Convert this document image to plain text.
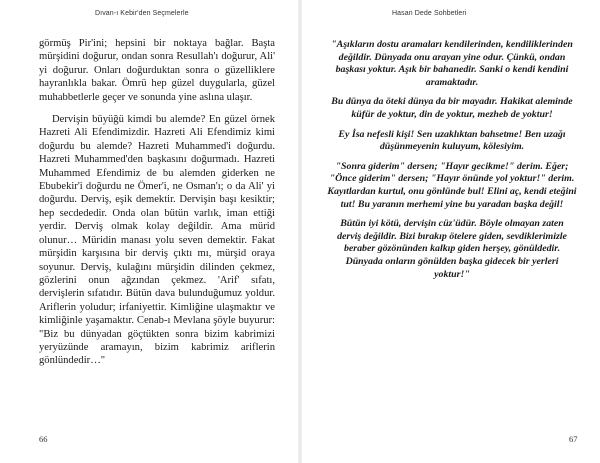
Dıvan-ı Kebir'den Seçmelerle

görmüş Pir'ini; hepsini bir noktaya bağlar. Başta mürşidini doğurur, ondan sonra Resullah'ı doğurur, Ali' yi doğurur. Onları doğurduktan sonra o güzelliklere hayranlıkla bakar. Ömrü hep güzel duygularla, güzel muhabbetlerle geçer ve sonunda yine aslına ulaşır.

Dervişin büyüğü kimdi bu alemde? En güzel örnek Hazreti Ali Efendimizdir. Hazreti Ali Efendimiz kimi doğurdu bu alemde? Hazreti Muhammed'i doğurdu. Hazreti Muhammed'den başkasını doğurmadı. Hazreti Muhammed Efendimiz de bu alemden giderken ne Ebubekir'i doğurdu ne Ömer'i, ne Osman'ı; o da Ali' yi doğurdu. Derviş, eşik demektir. Dervişin başı kesiktir; hep secdededir. Onda olan bütün varlık, iman ettiği yerdir. Derviş olmak kolay değildir. Ama mürid olunur… Müridin manası yolu seven demektir. Fakat mürşidin karşısına bir derviş çıktı mı, mürşid oraya soyunur. Derviş, kulağını mürşidin dilinden çekmez, gözlerini onun ağzından çekmez. 'Arif' sıfatı, dervişlerin sıfatıdır. Bütün dava bulunduğumuz yoldur. Ariflerin yoludur; irfaniyettir. Kimliğine ulaşmaktır ve kimliğinle yaşamaktır. Cenab-ı Mevlana şöyle buyurur: "Biz bu dünyadan göçtükten sonra bizim kabrimizi yeryüzünde aramayın, bizim kabrimiz ariflerin gönlündedir…"

66
Hasan Dede Sohbetleri

"Aşıkların dostu aramaları kendilerinden, kendiliklerinden değildir. Dünyada onu arayan yine odur. Çünkü, ondan başkası yoktur. Aşık bir bahanedir. Sanki o kendi kendini aramaktadır.

Bu dünya da öteki dünya da bir mayadır. Hakikat aleminde küfür de yoktur, din de yoktur, mezheb de yoktur!

Ey İsa nefesli kişi! Sen uzaklıktan bahsetme! Ben uzağı düşünmeyenin kuluyum, kölesiyim.

"Sonra giderim" dersen; "Hayır gecikme!" derim. Eğer; "Önce giderim" dersen; "Hayır önünde yol yoktur!" derim. Kayıtlardan kurtul, onu gönlünde bul! Elini aç, kendi eteğini tut! Bu yaranın merhemi yine bu yaradan başka değil!

Bütün iyi kötü, dervişin cüz'üdür. Böyle olmayan zaten derviş değildir. Bizi bırakıp ötelere giden, sevdiklerimizle beraber gözönünden kalkıp giden herşey, gönüldedir. Dünyada onların gönülden başka gidecek bir yerleri yoktur!"

67
